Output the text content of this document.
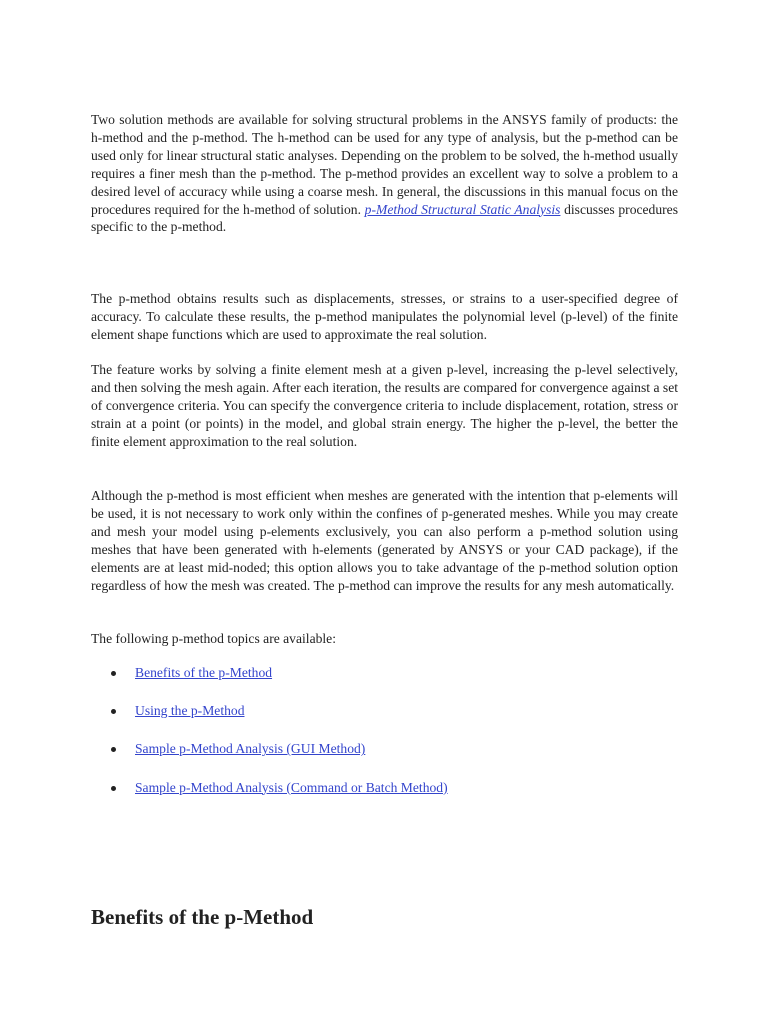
Two solution methods are available for solving structural problems in the ANSYS family of products: the h-method and the p-method. The h-method can be used for any type of analysis, but the p-method can be used only for linear structural static analyses. Depending on the problem to be solved, the h-method usually requires a finer mesh than the p-method. The p-method provides an excellent way to solve a problem to a desired level of accuracy while using a coarse mesh. In general, the discussions in this manual focus on the procedures required for the h-method of solution. p-Method Structural Static Analysis discusses procedures specific to the p-method.

The p-method obtains results such as displacements, stresses, or strains to a user-specified degree of accuracy. To calculate these results, the p-method manipulates the polynomial level (p-level) of the finite element shape functions which are used to approximate the real solution.

The feature works by solving a finite element mesh at a given p-level, increasing the p-level selectively, and then solving the mesh again. After each iteration, the results are compared for convergence against a set of convergence criteria. You can specify the convergence criteria to include displacement, rotation, stress or strain at a point (or points) in the model, and global strain energy. The higher the p-level, the better the finite element approximation to the real solution.

Although the p-method is most efficient when meshes are generated with the intention that p-elements will be used, it is not necessary to work only within the confines of p-generated meshes. While you may create and mesh your model using p-elements exclusively, you can also perform a p-method solution using meshes that have been generated with h-elements (generated by ANSYS or your CAD package), if the elements are at least mid-noded; this option allows you to take advantage of the p-method solution option regardless of how the mesh was created. The p-method can improve the results for any mesh automatically.

The following p-method topics are available:

Benefits of the p-Method
Using the p-Method
Sample p-Method Analysis (GUI Method)
Sample p-Method Analysis (Command or Batch Method)
Benefits of the p-Method
